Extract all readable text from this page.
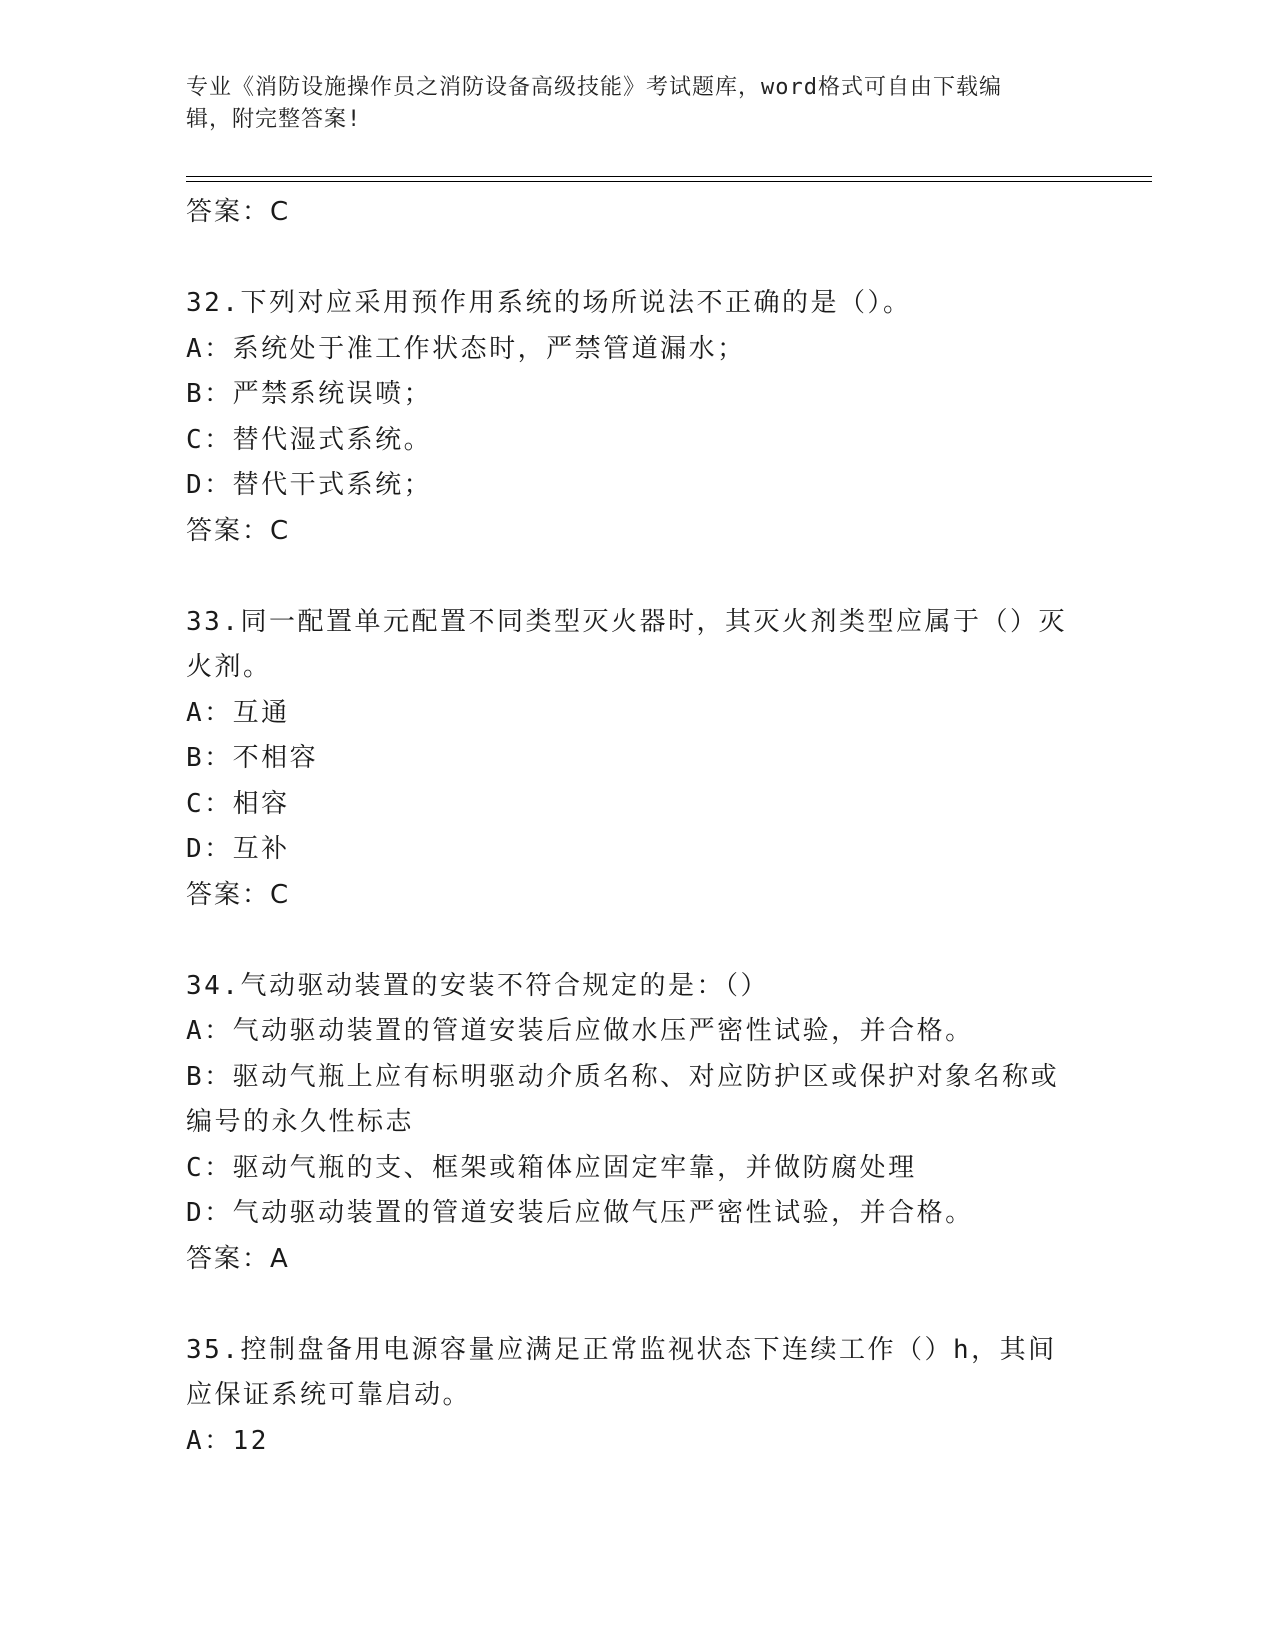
专业《消防设施操作员之消防设备高级技能》考试题库，word格式可自由下载编
辑，附完整答案!
答案：C
32.下列对应采用预作用系统的场所说法不正确的是（）。
A：系统处于准工作状态时，严禁管道漏水；
B：严禁系统误喷；
C：替代湿式系统。
D：替代干式系统；
答案：C
33.同一配置单元配置不同类型灭火器时，其灭火剂类型应属于（）灭
火剂。
A：互通
B：不相容
C：相容
D：互补
答案：C
34.气动驱动装置的安装不符合规定的是：（）
A：气动驱动装置的管道安装后应做水压严密性试验，并合格。
B：驱动气瓶上应有标明驱动介质名称、对应防护区或保护对象名称或
编号的永久性标志
C：驱动气瓶的支、框架或箱体应固定牢靠，并做防腐处理
D：气动驱动装置的管道安装后应做气压严密性试验，并合格。
答案：A
35.控制盘备用电源容量应满足正常监视状态下连续工作（）h，其间
应保证系统可靠启动。
A：12
